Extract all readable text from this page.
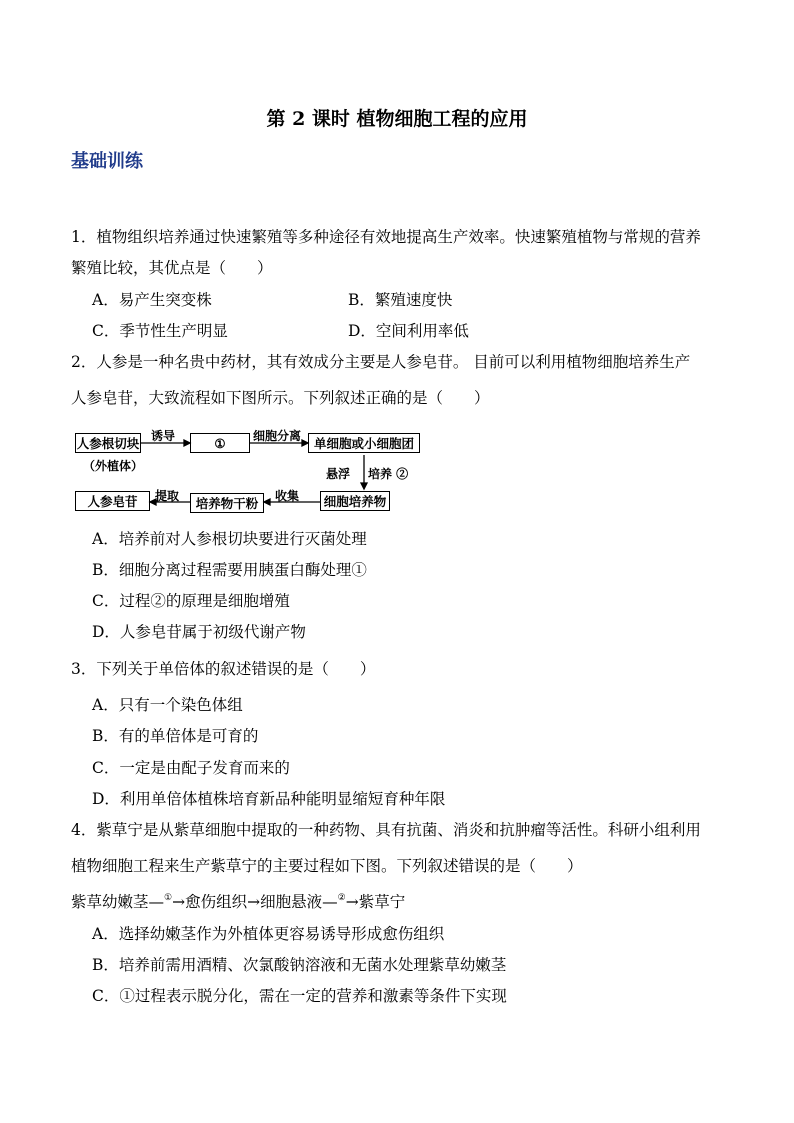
第 2 课时 植物细胞工程的应用
基础训练
1．植物组织培养通过快速繁殖等多种途径有效地提高生产效率。快速繁殖植物与常规的营养
繁殖比较，其优点是（　　）
A．易产生突变株	B．繁殖速度快
C．季节性生产明显	D．空间利用率低
2．人参是一种名贵中药材，其有效成分主要是人参皂苷。 目前可以利用植物细胞培养生产
人参皂苷，大致流程如下图所示。下列叙述正确的是（　　）
人参根切块
（外植体）
诱导	①	细胞分离	单细胞或小细胞团
悬浮 培养 ②
细胞培养物
收集
培养物干粉
提取
人参皂苷
A．培养前对人参根切块要进行灭菌处理
B．细胞分离过程需要用胰蛋白酶处理①
C．过程②的原理是细胞增殖
D．人参皂苷属于初级代谢产物
3．下列关于单倍体的叙述错误的是（　　）
A．只有一个染色体组
B．有的单倍体是可育的
C．一定是由配子发育而来的
D．利用单倍体植株培育新品种能明显缩短育种年限
4．紫草宁是从紫草细胞中提取的一种药物、具有抗菌、消炎和抗肿瘤等活性。科研小组利用
植物细胞工程来生产紫草宁的主要过程如下图。下列叙述错误的是（　　）
紫草幼嫩茎—①→愈伤组织→细胞悬液—②→紫草宁
A．选择幼嫩茎作为外植体更容易诱导形成愈伤组织
B．培养前需用酒精、次氯酸钠溶液和无菌水处理紫草幼嫩茎
C．①过程表示脱分化，需在一定的营养和激素等条件下实现
